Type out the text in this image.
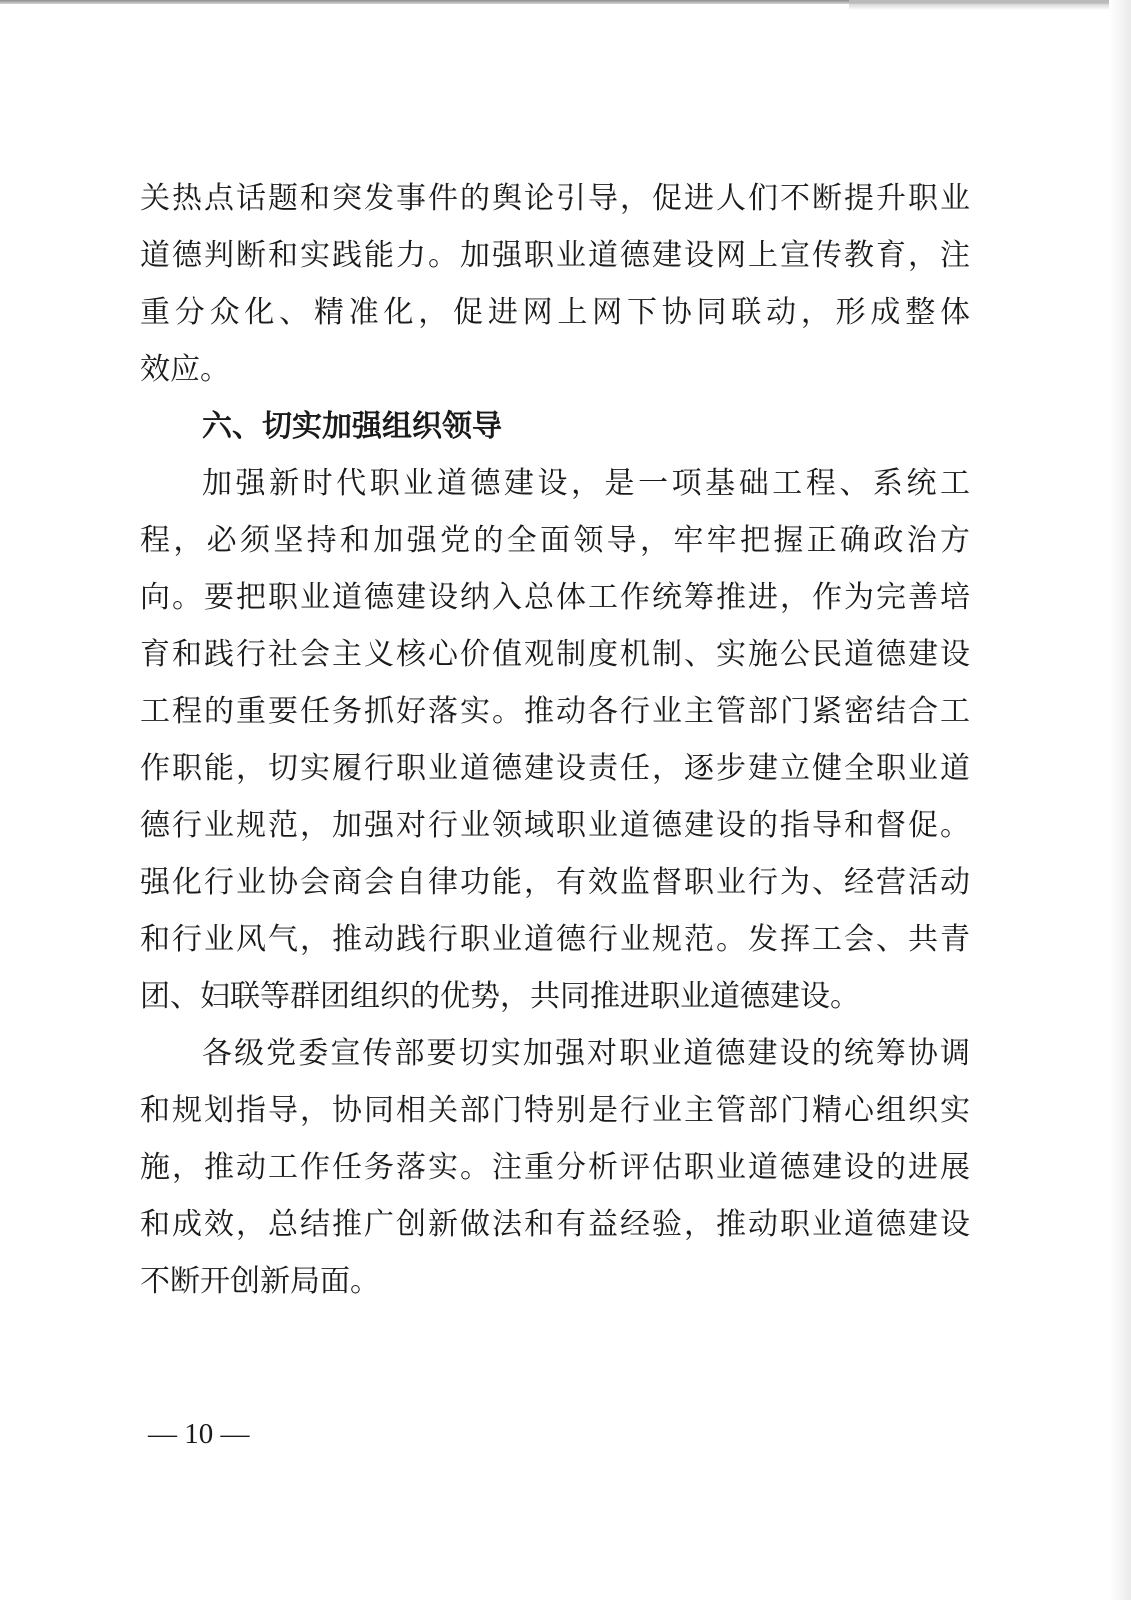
关热点话题和突发事件的舆论引导，促进人们不断提升职业
道德判断和实践能力。加强职业道德建设网上宣传教育，注
重分众化、精准化，促进网上网下协同联动，形成整体
效应。
六、切实加强组织领导
加强新时代职业道德建设，是一项基础工程、系统工
程，必须坚持和加强党的全面领导，牢牢把握正确政治方
向。要把职业道德建设纳入总体工作统筹推进，作为完善培
育和践行社会主义核心价值观制度机制、实施公民道德建设
工程的重要任务抓好落实。推动各行业主管部门紧密结合工
作职能，切实履行职业道德建设责任，逐步建立健全职业道
德行业规范，加强对行业领域职业道德建设的指导和督促。
强化行业协会商会自律功能，有效监督职业行为、经营活动
和行业风气，推动践行职业道德行业规范。发挥工会、共青
团、妇联等群团组织的优势，共同推进职业道德建设。
各级党委宣传部要切实加强对职业道德建设的统筹协调
和规划指导，协同相关部门特别是行业主管部门精心组织实
施，推动工作任务落实。注重分析评估职业道德建设的进展
和成效，总结推广创新做法和有益经验，推动职业道德建设
不断开创新局面。
— 10 —
